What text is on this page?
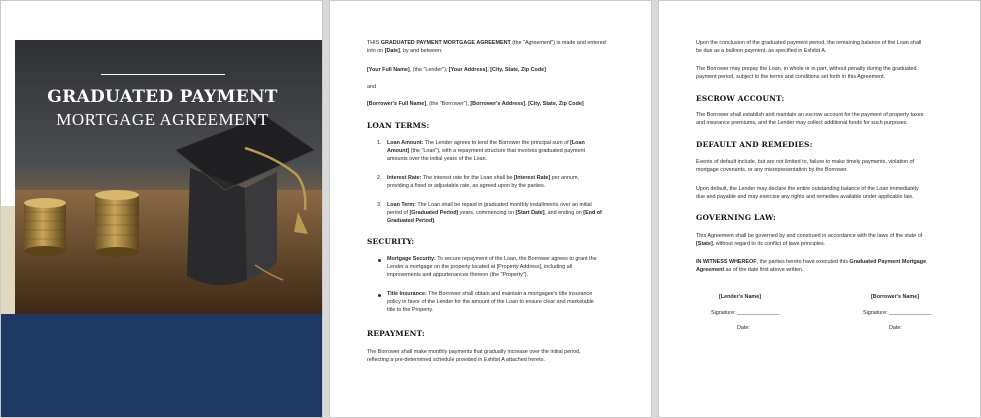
GRADUATED PAYMENT
MORTGAGE AGREEMENT
THIS GRADUATED PAYMENT MORTGAGE AGREEMENT (the "Agreement") is made and entered
into on [Date], by and between:
[Your Full Name], (the "Lender"), [Your Address], [City, State, Zip Code]
and
[Borrower's Full Name], (the "Borrower"), [Borrower's Address], [City, State, Zip Code]
LOAN TERMS:
1. Loan Amount: The Lender agrees to lend the Borrower the principal sum of [Loan
Amount] (the "Loan"), with a repayment structure that involves graduated payment
amounts over the initial years of the Loan.
2. Interest Rate: The interest rate for the Loan shall be [Interest Rate] per annum,
providing a fixed or adjustable rate, as agreed upon by the parties.
3. Loan Term: The Loan shall be repaid in graduated monthly installments over an initial
period of [Graduated Period] years, commencing on [Start Date], and ending on [End of
Graduated Period].
SECURITY:
Mortgage Security: To secure repayment of the Loan, the Borrower agrees to grant the
Lender a mortgage on the property located at [Property Address], including all
improvements and appurtenances thereon (the "Property").
Title Insurance: The Borrower shall obtain and maintain a mortgagee's title insurance
policy in favor of the Lender for the amount of the Loan to ensure clear and marketable
title to the Property.
REPAYMENT:
The Borrower shall make monthly payments that gradually increase over the initial period,
reflecting a pre-determined schedule provided in Exhibit A attached hereto.
Upon the conclusion of the graduated payment period, the remaining balance of the Loan shall
be due as a balloon payment, as specified in Exhibit A.
The Borrower may prepay the Loan, in whole or in part, without penalty during the graduated
payment period, subject to the terms and conditions set forth in this Agreement.
ESCROW ACCOUNT:
The Borrower shall establish and maintain an escrow account for the payment of property taxes
and insurance premiums, and the Lender may collect additional funds for such purposes.
DEFAULT AND REMEDIES:
Events of default include, but are not limited to, failure to make timely payments, violation of
mortgage covenants, or any misrepresentation by the Borrower.
Upon default, the Lender may declare the entire outstanding balance of the Loan immediately
due and payable and may exercise any rights and remedies available under applicable law.
GOVERNING LAW:
This Agreement shall be governed by and construed in accordance with the laws of the state of
[State], without regard to its conflict of laws principles.
IN WITNESS WHEREOF, the parties hereto have executed this Graduated Payment Mortgage
Agreement as of the date first above written.
[Lender's Name]	[Borrower's Name]
Signature: ______________	Signature: ______________
Date:	Date:
